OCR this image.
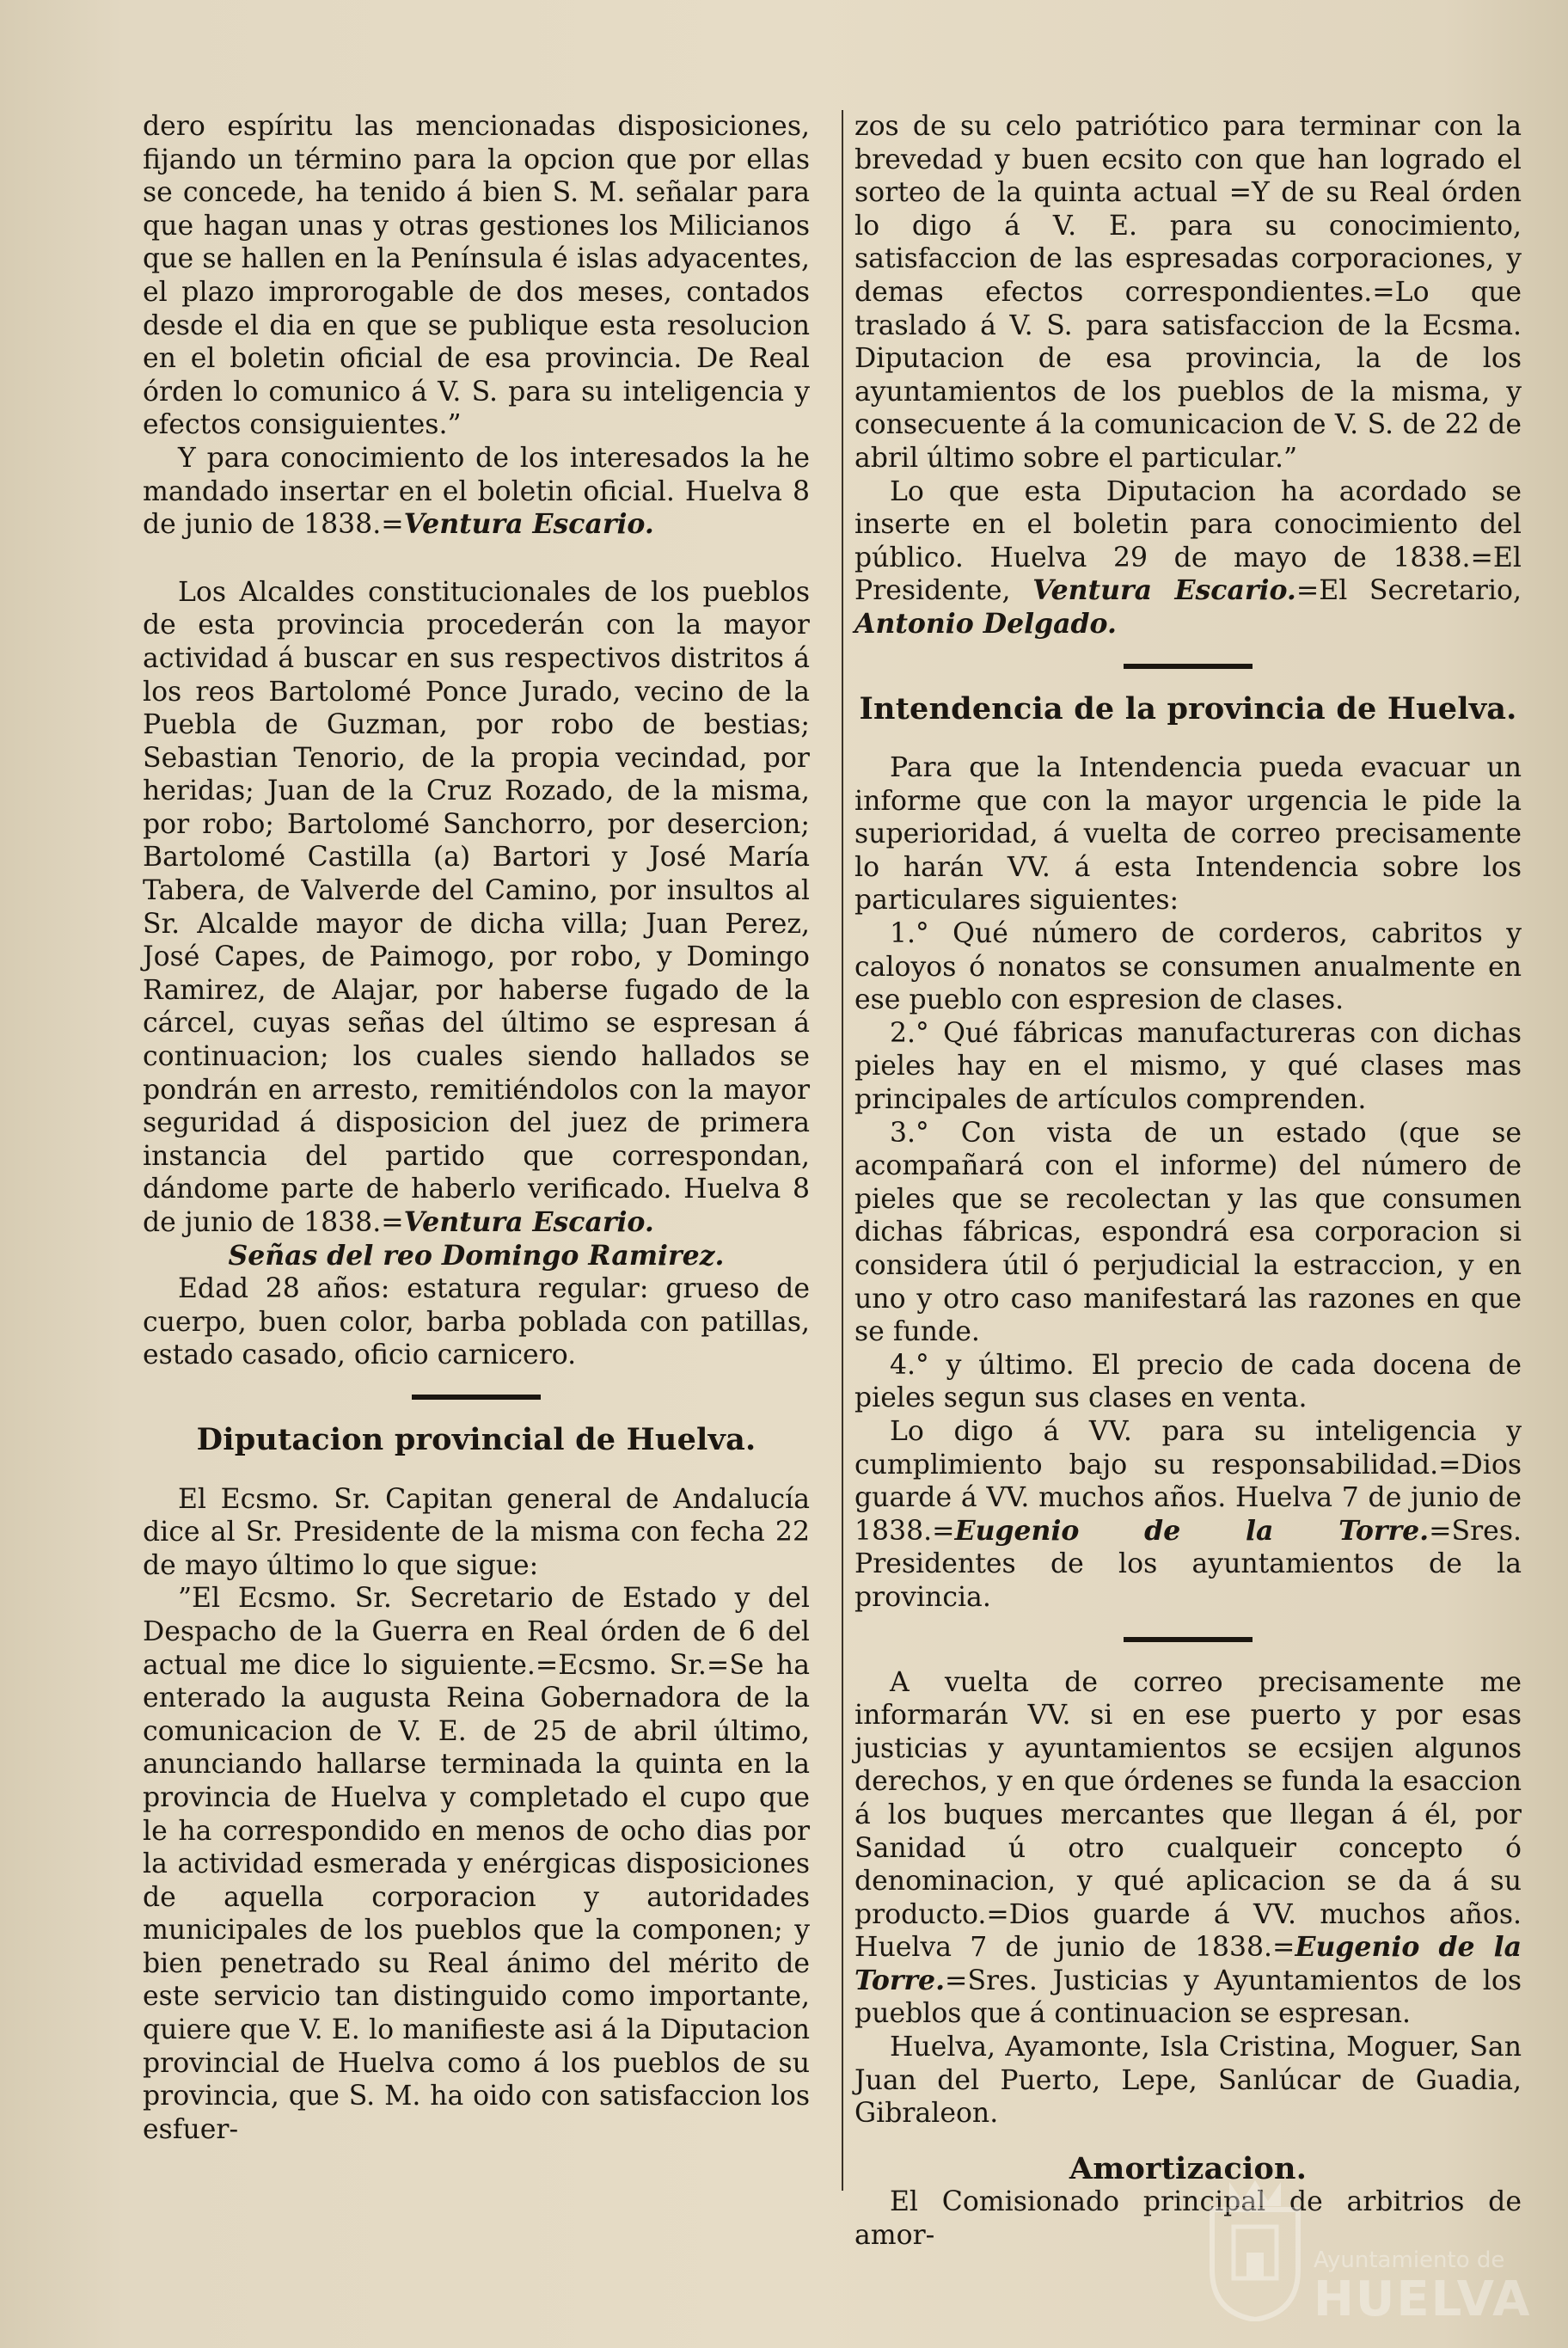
dero espíritu las mencionadas disposiciones, fijando un término para la opcion que por ellas se concede, ha tenido á bien S. M. señalar para que hagan unas y otras gestiones los Milicianos que se hallen en la Península é islas adyacentes, el plazo improrogable de dos meses, contados desde el dia en que se publique esta resolucion en el boletin oficial de esa provincia. De Real órden lo comunico á V. S. para su inteligencia y efectos consiguientes.”

Y para conocimiento de los interesados la he mandado insertar en el boletin oficial. Huelva 8 de junio de 1838.=Ventura Escario.

Los Alcaldes constitucionales de los pueblos de esta provincia procederán con la mayor actividad á buscar en sus respectivos distritos á los reos Bartolomé Ponce Jurado, vecino de la Puebla de Guzman, por robo de bestias; Sebastian Tenorio, de la propia vecindad, por heridas; Juan de la Cruz Rozado, de la misma, por robo; Bartolomé Sanchorro, por desercion; Bartolomé Castilla (a) Bartori y José María Tabera, de Valverde del Camino, por insultos al Sr. Alcalde mayor de dicha villa; Juan Perez, José Capes, de Paimogo, por robo, y Domingo Ramirez, de Alajar, por haberse fugado de la cárcel, cuyas señas del último se espresan á continuacion; los cuales siendo hallados se pondrán en arresto, remitiéndolos con la mayor seguridad á disposicion del juez de primera instancia del partido que correspondan, dándome parte de haberlo verificado. Huelva 8 de junio de 1838.=Ventura Escario.

Señas del reo Domingo Ramirez.

Edad 28 años: estatura regular: grueso de cuerpo, buen color, barba poblada con patillas, estado casado, oficio carnicero.

Diputacion provincial de Huelva.

El Ecsmo. Sr. Capitan general de Andalucía dice al Sr. Presidente de la misma con fecha 22 de mayo último lo que sigue:

”El Ecsmo. Sr. Secretario de Estado y del Despacho de la Guerra en Real órden de 6 del actual me dice lo siguiente.=Ecsmo. Sr.=Se ha enterado la augusta Reina Gobernadora de la comunicacion de V. E. de 25 de abril último, anunciando hallarse terminada la quinta en la provincia de Huelva y completado el cupo que le ha correspondido en menos de ocho dias por la actividad esmerada y enérgicas disposiciones de aquella corporacion y autoridades municipales de los pueblos que la componen; y bien penetrado su Real ánimo del mérito de este servicio tan distinguido como importante, quiere que V. E. lo manifieste asi á la Diputacion provincial de Huelva como á los pueblos de su provincia, que S. M. ha oido con satisfaccion los esfuer-

zos de su celo patriótico para terminar con la brevedad y buen ecsito con que han logrado el sorteo de la quinta actual =Y de su Real órden lo digo á V. E. para su conocimiento, satisfaccion de las espresadas corporaciones, y demas efectos correspondientes.=Lo que traslado á V. S. para satisfaccion de la Ecsma. Diputacion de esa provincia, la de los ayuntamientos de los pueblos de la misma, y consecuente á la comunicacion de V. S. de 22 de abril último sobre el particular.”

Lo que esta Diputacion ha acordado se inserte en el boletin para conocimiento del público. Huelva 29 de mayo de 1838.=El Presidente, Ventura Escario.=El Secretario, Antonio Delgado.

Intendencia de la provincia de Huelva.

Para que la Intendencia pueda evacuar un informe que con la mayor urgencia le pide la superioridad, á vuelta de correo precisamente lo harán VV. á esta Intendencia sobre los particulares siguientes:

1.° Qué número de corderos, cabritos y caloyos ó nonatos se consumen anualmente en ese pueblo con espresion de clases.

2.° Qué fábricas manufactureras con dichas pieles hay en el mismo, y qué clases mas principales de artículos comprenden.

3.° Con vista de un estado (que se acompañará con el informe) del número de pieles que se recolectan y las que consumen dichas fábricas, espondrá esa corporacion si considera útil ó perjudicial la estraccion, y en uno y otro caso manifestará las razones en que se funde.

4.° y último. El precio de cada docena de pieles segun sus clases en venta.

Lo digo á VV. para su inteligencia y cumplimiento bajo su responsabilidad.=Dios guarde á VV. muchos años. Huelva 7 de junio de 1838.=Eugenio de la Torre.=Sres. Presidentes de los ayuntamientos de la provincia.

A vuelta de correo precisamente me informarán VV. si en ese puerto y por esas justicias y ayuntamientos se ecsijen algunos derechos, y en que órdenes se funda la esaccion á los buques mercantes que llegan á él, por Sanidad ú otro cualqueir concepto ó denominacion, y qué aplicacion se da á su producto.=Dios guarde á VV. muchos años. Huelva 7 de junio de 1838.=Eugenio de la Torre.=Sres. Justicias y Ayuntamientos de los pueblos que á continuacion se espresan.

Huelva, Ayamonte, Isla Cristina, Moguer, San Juan del Puerto, Lepe, Sanlúcar de Guadia, Gibraleon.

Amortizacion.

El Comisionado principal de arbitrios de amor-

Ayuntamiento de
HUELVA
